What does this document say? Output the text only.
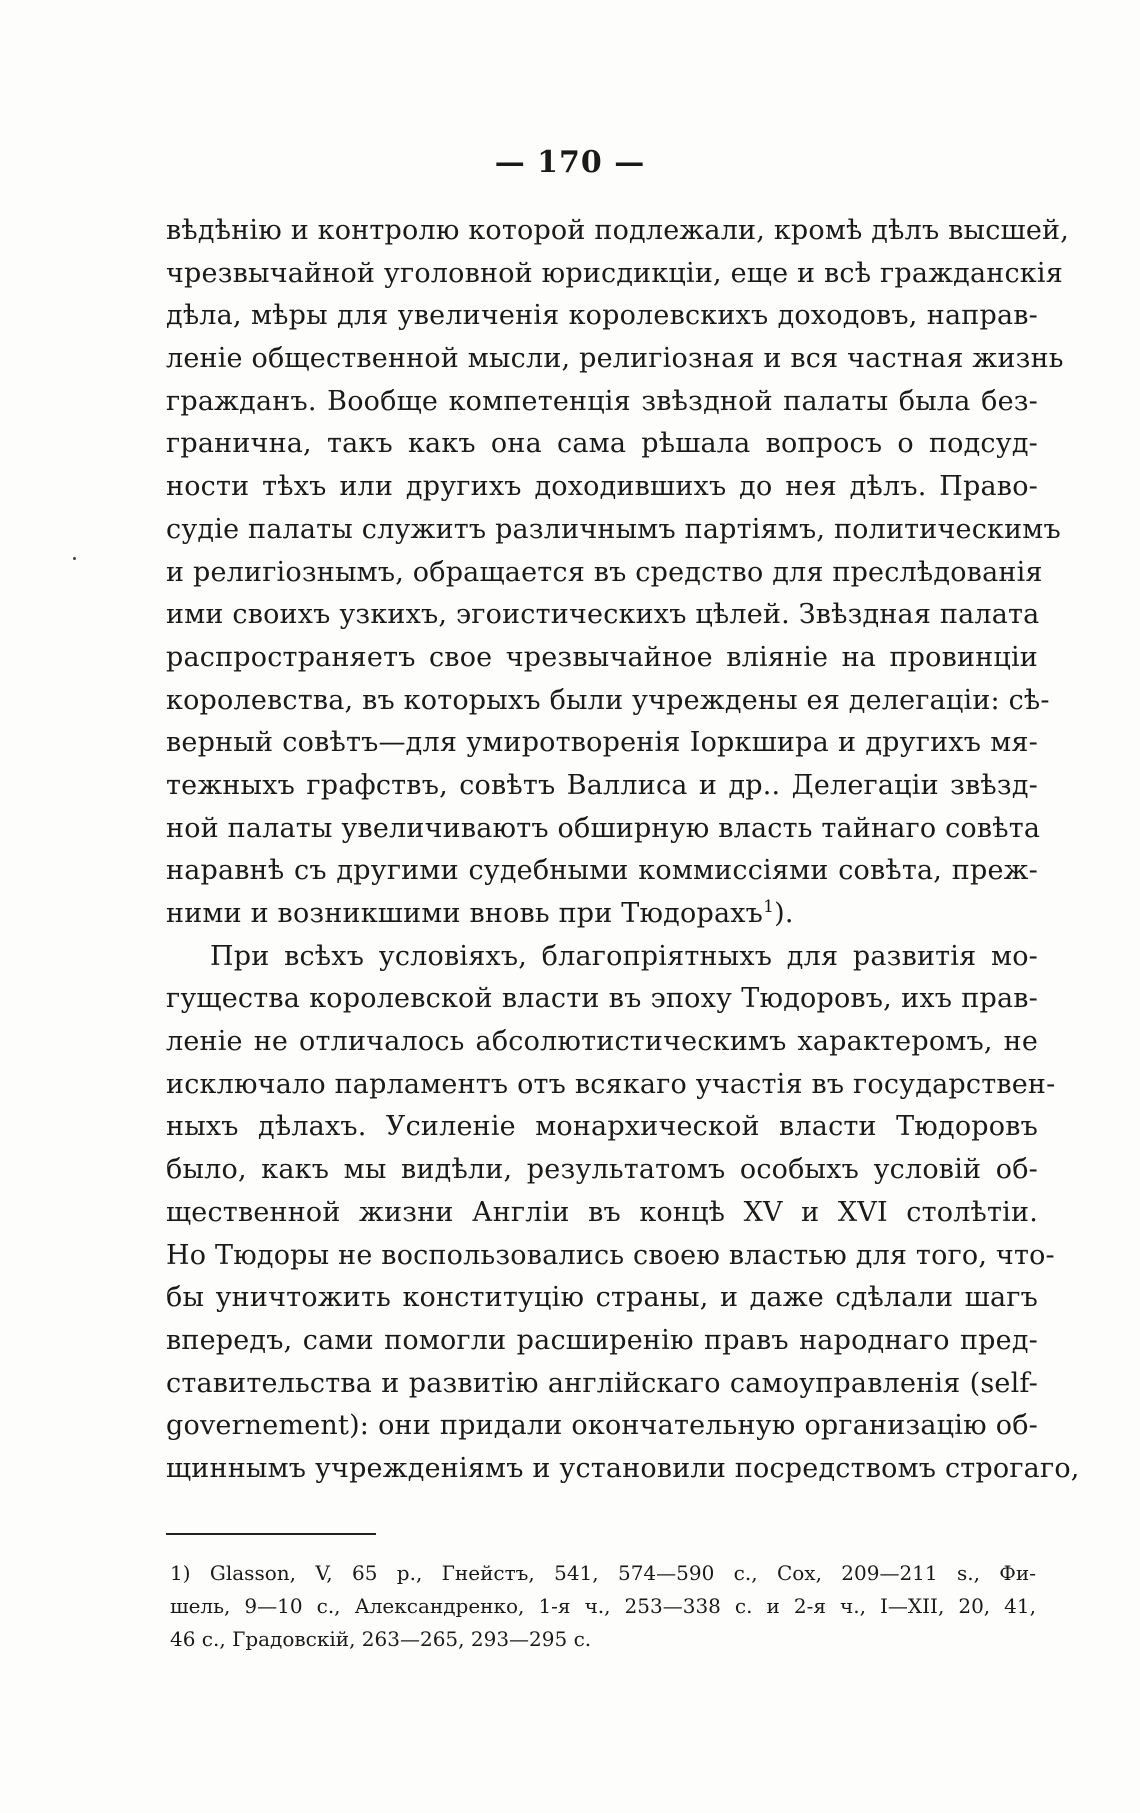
— 170 —
вѣдѣнію и контролю которой подлежали, кромѣ дѣлъ высшей,
чрезвычайной уголовной юрисдикціи, еще и всѣ гражданскія
дѣла, мѣры для увеличенія королевскихъ доходовъ, направ-
леніе общественной мысли, религіозная и вся частная жизнь
гражданъ. Вообще компетенція звѣздной палаты была без-
гранична, такъ какъ она сама рѣшала вопросъ о подсуд-
ности тѣхъ или другихъ доходившихъ до нея дѣлъ. Право-
судіе палаты служитъ различнымъ партіямъ, политическимъ
и религіознымъ, обращается въ средство для преслѣдованія
ими своихъ узкихъ, эгоистическихъ цѣлей. Звѣздная палата
распространяетъ свое чрезвычайное вліяніе на провинціи
королевства, въ которыхъ были учреждены ея делегаціи: сѣ-
верный совѣтъ—для умиротворенія Іоркшира и другихъ мя-
тежныхъ графствъ, совѣтъ Валлиса и др.. Делегаціи звѣзд-
ной палаты увеличиваютъ обширную власть тайнаго совѣта
наравнѣ съ другими судебными коммиссіями совѣта, преж-
ними и возникшими вновь при Тюдорахъ$^1$).
При всѣхъ условіяхъ, благопріятныхъ для развитія мо-
гущества королевской власти въ эпоху Тюдоровъ, ихъ прав-
леніе не отличалось абсолютистическимъ характеромъ, не
исключало парламентъ отъ всякаго участія въ государствен-
ныхъ дѣлахъ. Усиленіе монархической власти Тюдоровъ
было, какъ мы видѣли, результатомъ особыхъ условій об-
щественной жизни Англіи въ концѣ XV и XVI столѣтіи.
Но Тюдоры не воспользовались своею властью для того, что-
бы уничтожить конституцію страны, и даже сдѣлали шагъ
впередъ, сами помогли расширенію правъ народнаго пред-
ставительства и развитію англійскаго самоуправленія (self-
governement): они придали окончательную организацію об-
щиннымъ учрежденіямъ и установили посредствомъ строгаго,
1) Glasson, V, 65 p., Гнейстъ, 541, 574—590 с., Cox, 209—211 s., Фи-
шель, 9—10 с., Александренко, 1-я ч., 253—338 с. и 2-я ч., I—XII, 20, 41,
46 с., Градовскій, 263—265, 293—295 с.
